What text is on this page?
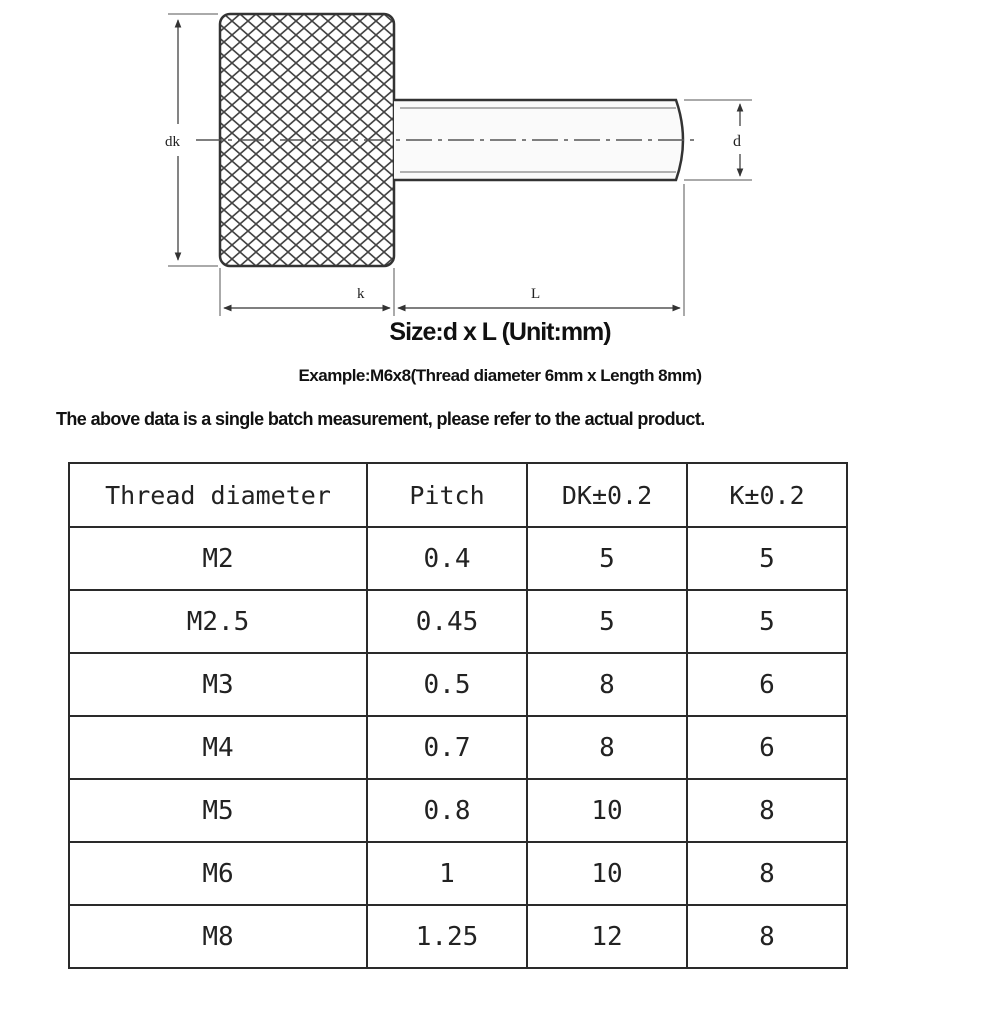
dk	d
k	L
Size:d x L (Unit:mm)
Example:M6x8(Thread diameter 6mm x Length 8mm)
The above data is a single batch measurement, please refer to the actual product.
Thread diameter	Pitch	DK±0.2	K±0.2
M2	0.4	5	5
M2.5	0.45	5	5
M3	0.5	8	6
M4	0.7	8	6
M5	0.8	10	8
M6	1	10	8
M8	1.25	12	8
